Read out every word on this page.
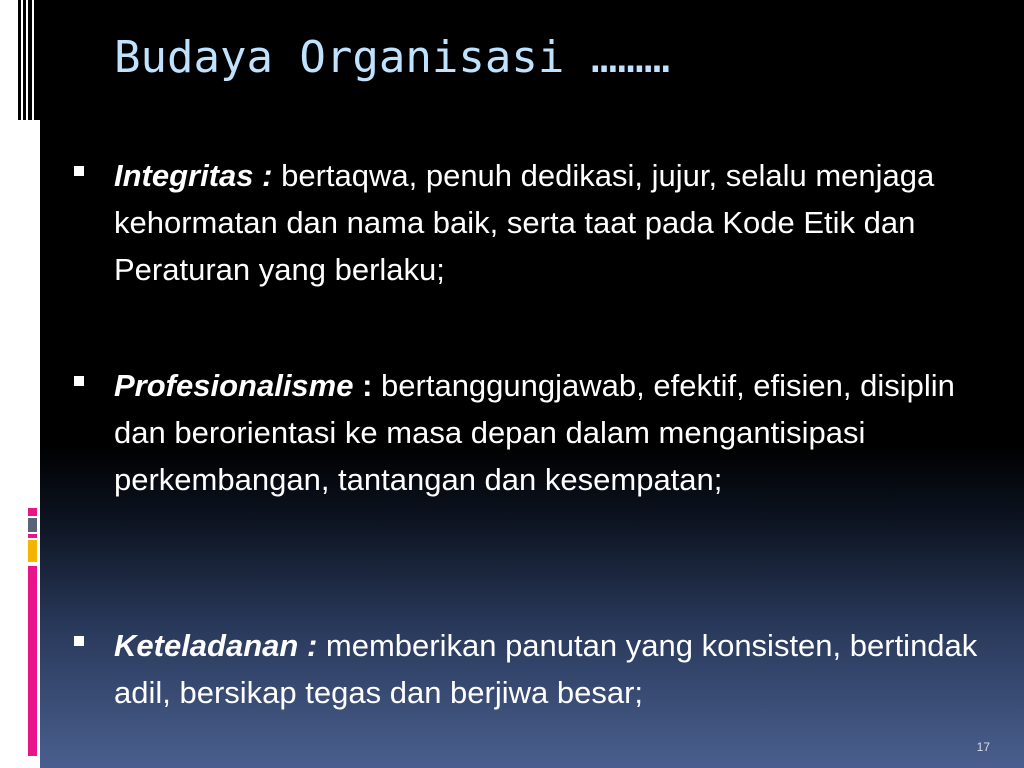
Budaya Organisasi ………
Integritas : bertaqwa, penuh dedikasi, jujur, selalu menjaga kehormatan dan nama baik, serta taat pada Kode Etik dan Peraturan yang berlaku;
Profesionalisme : bertanggungjawab, efektif, efisien, disiplin dan berorientasi ke masa depan dalam mengantisipasi perkembangan, tantangan dan kesempatan;
Keteladanan : memberikan panutan yang konsisten, bertindak adil, bersikap tegas dan berjiwa besar;
17
